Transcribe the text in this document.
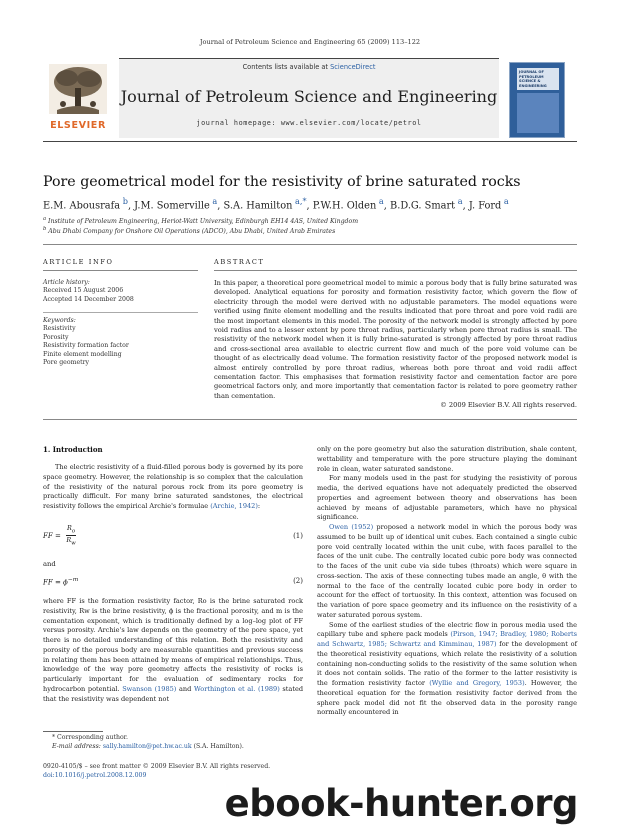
Journal of Petroleum Science and Engineering 65 (2009) 113–122
ELSEVIER
Contents lists available at ScienceDirect
Journal of Petroleum Science and Engineering
journal homepage: www.elsevier.com/locate/petrol
JOURNAL OF
PETROLEUM
SCIENCE &
ENGINEERING
Pore geometrical model for the resistivity of brine saturated rocks
E.M. Abousrafa $^b$, J.M. Somerville $^a$, S.A. Hamilton $^{a,*}$, P.W.H. Olden $^a$, B.D.G. Smart $^a$, J. Ford $^a$
$^a$ Institute of Petroleum Engineering, Heriot-Watt University, Edinburgh EH14 4AS, United Kingdom
$^b$ Abu Dhabi Company for Onshore Oil Operations (ADCO), Abu Dhabi, United Arab Emirates
ARTICLE INFO
Article history:
Received 15 August 2006
Accepted 14 December 2008
Keywords:
Resistivity
Porosity
Resistivity formation factor
Finite element modelling
Pore geometry
ABSTRACT
In this paper, a theoretical pore geometrical model to mimic a porous body that is fully brine saturated was developed. Analytical equations for porosity and formation resistivity factor, which govern the flow of electricity through the model were derived with no adjustable parameters. The model equations were verified using finite element modelling and the results indicated that pore throat and pore void radii are the most important elements in this model. The porosity of the network model is strongly affected by pore void radius and to a lesser extent by pore throat radius, particularly when pore throat radius is small. The resistivity of the network model when it is fully brine-saturated is strongly affected by pore throat radius and cross-sectional area available to electric current flow and much of the pore void volume can be thought of as electrically dead volume. The formation resistivity factor of the proposed network model is almost entirely controlled by pore throat radius, whereas both pore throat and void radii affect cementation factor. This emphasises that formation resistivity factor and cementation factor are pore geometrical factors only, and more importantly that cementation factor is related to pore geometry rather than cementation.
© 2009 Elsevier B.V. All rights reserved.
1. Introduction

The electric resistivity of a fluid-filled porous body is governed by its pore space geometry. However, the relationship is so complex that the calculation of the resistivity of the natural porous rock from its pore geometry is practically difficult. For many brine saturated sandstones, the electrical resistivity follows the empirical Archie's formulae (Archie, 1942):

FF = $\frac{R_o}{R_w}$	(1)
and
FF = $\phi^{-m}$	(2)

where FF is the formation resistivity factor, Ro is the brine saturated rock resistivity, Rw is the brine resistivity, ϕ is the fractional porosity, and m is the cementation exponent, which is traditionally defined by a log–log plot of FF versus porosity. Archie's law depends on the geometry of the pore space, yet there is no detailed understanding of this relation. Both the resistivity and porosity of the porous body are measurable quantities and previous success in relating them has been attained by means of empirical relationships. Thus, knowledge of the way pore geometry affects the resistivity of rocks is particularly important for the evaluation of sedimentary rocks for hydrocarbon potential. Swanson (1985) and Worthington et al. (1989) stated that the resistivity was dependent not

only on the pore geometry but also the saturation distribution, shale content, wettability and temperature with the pore structure playing the dominant role in clean, water saturated sandstone.

For many models used in the past for studying the resistivity of porous media, the derived equations have not adequately predicted the observed properties and agreement between theory and observations has been achieved by means of adjustable parameters, which have no physical significance.

Owen (1952) proposed a network model in which the porous body was assumed to be built up of identical unit cubes. Each contained a single cubic pore void centrally located within the unit cube, with faces parallel to the faces of the unit cube. The centrally located cubic pore body was connected to the faces of the unit cube via side tubes (throats) which were square in cross-section. The axis of these connecting tubes made an angle, θ with the normal to the face of the centrally located cubic pore body in order to account for the effect of tortuosity. In this context, attention was focused on the variation of pore space geometry and its influence on the resistivity of a water saturated porous system.

Some of the earliest studies of the electric flow in porous media used the capillary tube and sphere pack models (Pirson, 1947; Bradley, 1980; Roberts and Schwartz, 1985; Schwartz and Kimminau, 1987) for the development of the theoretical resistivity equations, which relate the resistivity of a solution containing non-conducting solids to the resistivity of the same solution when it does not contain solids. The ratio of the former to the latter resistivity is the formation resistivity factor (Wyllie and Gregory, 1953). However, the theoretical equation for the formation resistivity factor derived from the sphere pack model did not fit the observed data in the porosity range normally encountered in

* Corresponding author.
E-mail address: sally.hamilton@pet.hw.ac.uk (S.A. Hamilton).
0920-4105/$ – see front matter © 2009 Elsevier B.V. All rights reserved.
doi:10.1016/j.petrol.2008.12.009
ebook-hunter.org
